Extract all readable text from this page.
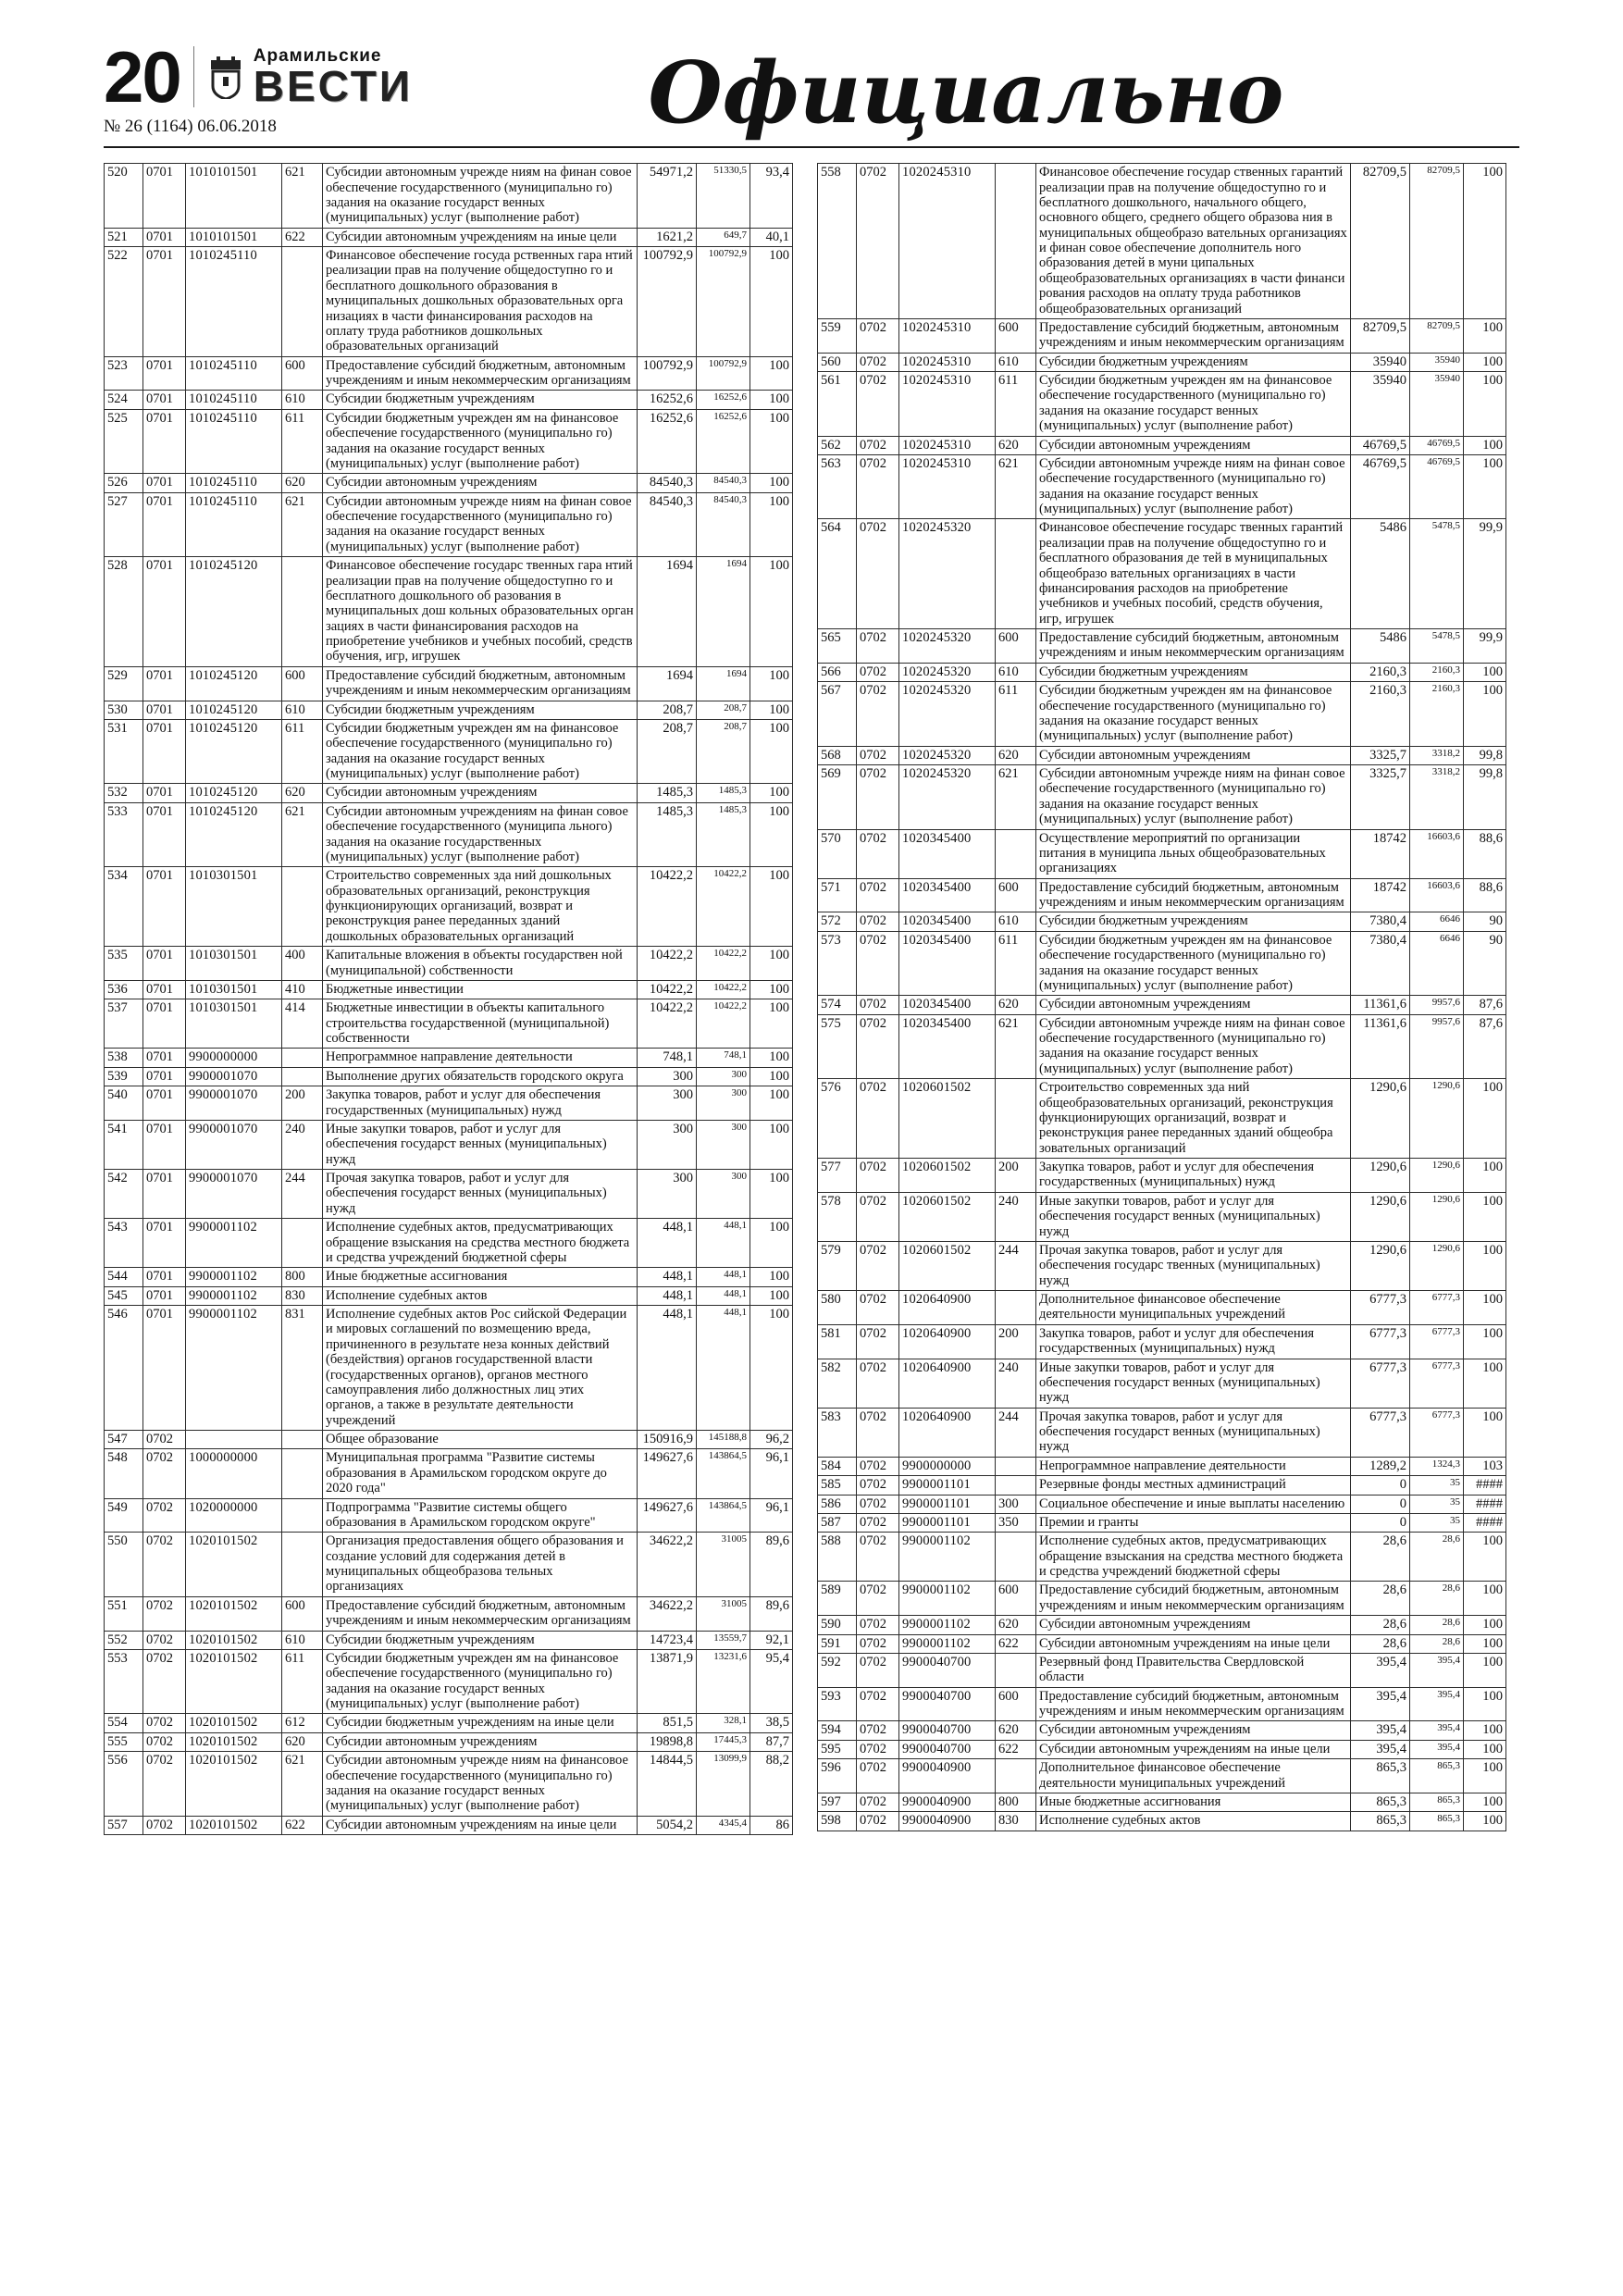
20	Арамильские
ВЕСТИ
№ 26 (1164) 06.06.2018	Официально
520	0701	1010101501	621	Субсидии автономным учрежде ниям на финан совое обеспечение государственного (муниципально го) задания на оказание государст венных (муниципальных) услуг (выполнение работ)	54971,2	51330,5	93,4
521	0701	1010101501	622	Субсидии автономным учреждениям на иные цели	1621,2	649,7	40,1
522	0701	1010245110		Финансовое обеспечение госуда рственных гара нтий реализации прав на получение общедоступно го и бесплатного дошкольного образования в муниципальных дошкольных образовательных орга низациях в части финансирования расходов на оплату труда работников дошкольных образовательных организаций	100792,9	100792,9	100
523	0701	1010245110	600	Предоставление субсидий бюджетным, автономным учреждениям и иным некоммерческим организациям	100792,9	100792,9	100
524	0701	1010245110	610	Субсидии бюджетным учреждениям	16252,6	16252,6	100
525	0701	1010245110	611	Субсидии бюджетным учрежден ям на финансовое обеспечение государственного (муниципально го) задания на оказание государст венных (муниципальных) услуг (выполнение работ)	16252,6	16252,6	100
526	0701	1010245110	620	Субсидии автономным учреждениям	84540,3	84540,3	100
527	0701	1010245110	621	Субсидии автономным учрежде ниям на финан совое обеспечение государственного (муниципально го) задания на оказание государст венных (муниципальных) услуг (выполнение работ)	84540,3	84540,3	100
528	0701	1010245120		Финансовое обеспечение государс твенных гара нтий реализации прав на получение общедоступно го и бесплатного дошкольного об разования в муниципальных дош кольных образовательных орган зациях в части финансирования расходов на приобретение учебников и учебных пособий, средств обучения, игр, игрушек	1694	1694	100
529	0701	1010245120	600	Предоставление субсидий бюджетным, автономным учреждениям и иным некоммерческим организациям	1694	1694	100
530	0701	1010245120	610	Субсидии бюджетным учреждениям	208,7	208,7	100
531	0701	1010245120	611	Субсидии бюджетным учрежден ям на финансовое обеспечение государственного (муниципально го) задания на оказание государст венных (муниципальных) услуг (выполнение работ)	208,7	208,7	100
532	0701	1010245120	620	Субсидии автономным учреждениям	1485,3	1485,3	100
533	0701	1010245120	621	Субсидии автономным учреждениям на финан совое обеспечение государственного (муниципа льного) задания на оказание государственных (муниципальных) услуг (выполнение работ)	1485,3	1485,3	100
534	0701	1010301501		Строительство современных зда ний дошкольных образовательных организаций, реконструкция функционирующих организаций, возврат и реконструкция ранее переданных зданий дошкольных образовательных организаций	10422,2	10422,2	100
535	0701	1010301501	400	Капитальные вложения в объекты государствен ной (муниципальной) собственности	10422,2	10422,2	100
536	0701	1010301501	410	Бюджетные инвестиции	10422,2	10422,2	100
537	0701	1010301501	414	Бюджетные инвестиции в объекты капитального строительства государственной (муниципальной) собственности	10422,2	10422,2	100
538	0701	9900000000		Непрограммное направление деятельности	748,1	748,1	100
539	0701	9900001070		Выполнение других обязательств городского округа	300	300	100
540	0701	9900001070	200	Закупка товаров, работ и услуг для обеспечения государственных (муниципальных) нужд	300	300	100
541	0701	9900001070	240	Иные закупки товаров, работ и услуг для обеспечения государст венных (муниципальных) нужд	300	300	100
542	0701	9900001070	244	Прочая закупка товаров, работ и услуг для обеспечения государст венных (муниципальных) нужд	300	300	100
543	0701	9900001102		Исполнение судебных актов, предусматривающих обращение взыскания на средства местного бюджета и средства учреждений бюджетной сферы	448,1	448,1	100
544	0701	9900001102	800	Иные бюджетные ассигнования	448,1	448,1	100
545	0701	9900001102	830	Исполнение судебных актов	448,1	448,1	100
546	0701	9900001102	831	Исполнение судебных актов Рос сийской Федерации и мировых соглашений по возмещению вреда, причиненного в результате неза конных действий (бездействия) органов государственной власти (государственных органов), органов местного самоуправления либо должностных лиц этих органов, а также в результате деятельности учреждений	448,1	448,1	100
547	0702			Общее образование	150916,9	145188,8	96,2
548	0702	1000000000		Муниципальная программа "Развитие системы образования в Арамильском городском округе до 2020 года"	149627,6	143864,5	96,1
549	0702	1020000000		Подпрограмма "Развитие системы общего образования в Арамильском городском округе"	149627,6	143864,5	96,1
550	0702	1020101502		Организация предоставления общего образования и создание условий для содержания детей в муниципальных общеобразова тельных организациях	34622,2	31005	89,6
551	0702	1020101502	600	Предоставление субсидий бюджетным, автономным учреждениям и иным некоммерческим организациям	34622,2	31005	89,6
552	0702	1020101502	610	Субсидии бюджетным учреждениям	14723,4	13559,7	92,1
553	0702	1020101502	611	Субсидии бюджетным учрежден ям на финансовое обеспечение государственного (муниципально го) задания на оказание государст венных (муниципальных) услуг (выполнение работ)	13871,9	13231,6	95,4
554	0702	1020101502	612	Субсидии бюджетным учреждениям на иные цели	851,5	328,1	38,5
555	0702	1020101502	620	Субсидии автономным учреждениям	19898,8	17445,3	87,7
556	0702	1020101502	621	Субсидии автономным учрежде ниям на финансовое обеспечение государственного (муниципально го) задания на оказание государст венных (муниципальных) услуг (выполнение работ)	14844,5	13099,9	88,2
557	0702	1020101502	622	Субсидии автономным учреждениям на иные цели	5054,2	4345,4	86
558	0702	1020245310		Финансовое обеспечение государ ственных гарантий реализации прав на получение общедоступно го и бесплатного дошкольного, начального общего, основного общего, среднего общего образова ния в муниципальных общеобразо вательных организациях и финан совое обеспечение дополнитель ного образования детей в муни ципальных общеобразовательных организациях в части финанси рования расходов на оплату труда работников общеобразовательных организаций	82709,5	82709,5	100
559	0702	1020245310	600	Предоставление субсидий бюджетным, автономным учреждениям и иным некоммерческим организациям	82709,5	82709,5	100
560	0702	1020245310	610	Субсидии бюджетным учреждениям	35940	35940	100
561	0702	1020245310	611	Субсидии бюджетным учрежден ям на финансовое обеспечение государственного (муниципально го) задания на оказание государст венных (муниципальных) услуг (выполнение работ)	35940	35940	100
562	0702	1020245310	620	Субсидии автономным учреждениям	46769,5	46769,5	100
563	0702	1020245310	621	Субсидии автономным учрежде ниям на финан совое обеспечение государственного (муниципально го) задания на оказание государст венных (муниципальных) услуг (выполнение работ)	46769,5	46769,5	100
564	0702	1020245320		Финансовое обеспечение государс твенных гарантий реализации прав на получение общедоступно го и бесплатного образования де тей в муниципальных общеобразо вательных организациях в части финансирования расходов на приобретение учебников и учебных пособий, средств обучения, игр, игрушек	5486	5478,5	99,9
565	0702	1020245320	600	Предоставление субсидий бюджетным, автономным учреждениям и иным некоммерческим организациям	5486	5478,5	99,9
566	0702	1020245320	610	Субсидии бюджетным учреждениям	2160,3	2160,3	100
567	0702	1020245320	611	Субсидии бюджетным учрежден ям на финансовое обеспечение государственного (муниципально го) задания на оказание государст венных (муниципальных) услуг (выполнение работ)	2160,3	2160,3	100
568	0702	1020245320	620	Субсидии автономным учреждениям	3325,7	3318,2	99,8
569	0702	1020245320	621	Субсидии автономным учрежде ниям на финан совое обеспечение государственного (муниципально го) задания на оказание государст венных (муниципальных) услуг (выполнение работ)	3325,7	3318,2	99,8
570	0702	1020345400		Осуществление мероприятий по организации питания в муниципа льных общеобразовательных организациях	18742	16603,6	88,6
571	0702	1020345400	600	Предоставление субсидий бюджетным, автономным учреждениям и иным некоммерческим организациям	18742	16603,6	88,6
572	0702	1020345400	610	Субсидии бюджетным учреждениям	7380,4	6646	90
573	0702	1020345400	611	Субсидии бюджетным учрежден ям на финансовое обеспечение государственного (муниципально го) задания на оказание государст венных (муниципальных) услуг (выполнение работ)	7380,4	6646	90
574	0702	1020345400	620	Субсидии автономным учреждениям	11361,6	9957,6	87,6
575	0702	1020345400	621	Субсидии автономным учрежде ниям на финан совое обеспечение государственного (муниципально го) задания на оказание государст венных (муниципальных) услуг (выполнение работ)	11361,6	9957,6	87,6
576	0702	1020601502		Строительство современных зда ний общеобразовательных организаций, реконструкция функционирующих организаций, возврат и реконструкция ранее переданных зданий общеобра зовательных организаций	1290,6	1290,6	100
577	0702	1020601502	200	Закупка товаров, работ и услуг для обеспечения государственных (муниципальных) нужд	1290,6	1290,6	100
578	0702	1020601502	240	Иные закупки товаров, работ и услуг для обеспечения государст венных (муниципальных) нужд	1290,6	1290,6	100
579	0702	1020601502	244	Прочая закупка товаров, работ и услуг для обеспечения государс твенных (муниципальных) нужд	1290,6	1290,6	100
580	0702	1020640900		Дополнительное финансовое обеспечение деятельности муниципальных учреждений	6777,3	6777,3	100
581	0702	1020640900	200	Закупка товаров, работ и услуг для обеспечения государственных (муниципальных) нужд	6777,3	6777,3	100
582	0702	1020640900	240	Иные закупки товаров, работ и услуг для обеспечения государст венных (муниципальных) нужд	6777,3	6777,3	100
583	0702	1020640900	244	Прочая закупка товаров, работ и услуг для обеспечения государст венных (муниципальных) нужд	6777,3	6777,3	100
584	0702	9900000000		Непрограммное направление деятельности	1289,2	1324,3	103
585	0702	9900001101		Резервные фонды местных администраций	0	35	####
586	0702	9900001101	300	Социальное обеспечение и иные выплаты населению	0	35	####
587	0702	9900001101	350	Премии и гранты	0	35	####
588	0702	9900001102		Исполнение судебных актов, предусматривающих обращение взыскания на средства местного бюджета и средства учреждений бюджетной сферы	28,6	28,6	100
589	0702	9900001102	600	Предоставление субсидий бюджетным, автономным учреждениям и иным некоммерческим организациям	28,6	28,6	100
590	0702	9900001102	620	Субсидии автономным учреждениям	28,6	28,6	100
591	0702	9900001102	622	Субсидии автономным учреждениям на иные цели	28,6	28,6	100
592	0702	9900040700		Резервный фонд Правительства Свердловской области	395,4	395,4	100
593	0702	9900040700	600	Предоставление субсидий бюджетным, автономным учреждениям и иным некоммерческим организациям	395,4	395,4	100
594	0702	9900040700	620	Субсидии автономным учреждениям	395,4	395,4	100
595	0702	9900040700	622	Субсидии автономным учреждениям на иные цели	395,4	395,4	100
596	0702	9900040900		Дополнительное финансовое обеспечение деятельности муниципальных учреждений	865,3	865,3	100
597	0702	9900040900	800	Иные бюджетные ассигнования	865,3	865,3	100
598	0702	9900040900	830	Исполнение судебных актов	865,3	865,3	100
